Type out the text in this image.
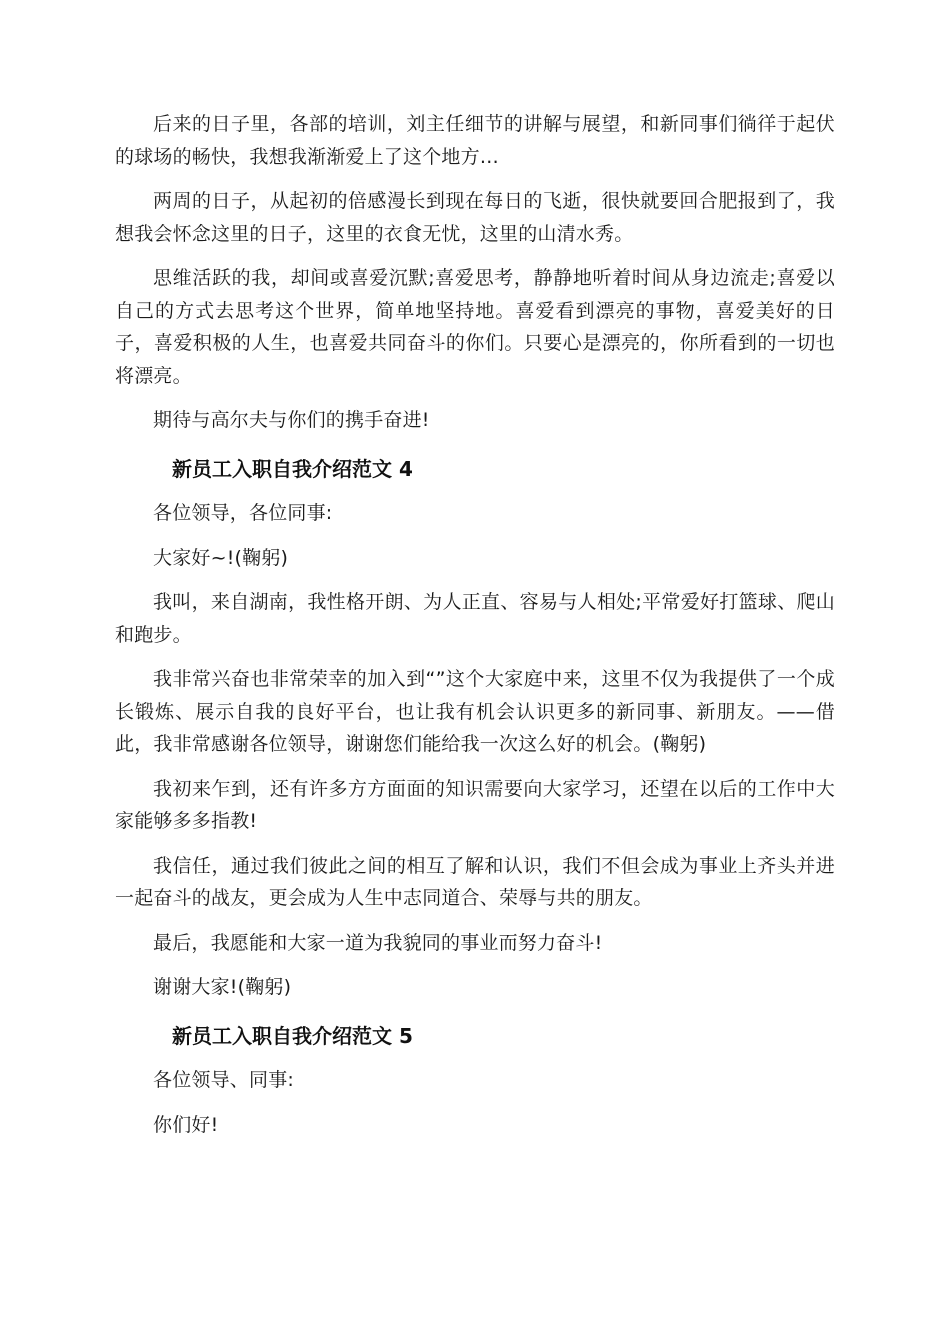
后来的日子里，各部的培训，刘主任细节的讲解与展望，和新同事们徜徉于起伏的球场的畅快，我想我渐渐爱上了这个地方…

两周的日子，从起初的倍感漫长到现在每日的飞逝，很快就要回合肥报到了，我想我会怀念这里的日子，这里的衣食无忧，这里的山清水秀。

思维活跃的我，却间或喜爱沉默;喜爱思考，静静地听着时间从身边流走;喜爱以自己的方式去思考这个世界，简单地坚持地。喜爱看到漂亮的事物，喜爱美好的日子，喜爱积极的人生，也喜爱共同奋斗的你们。只要心是漂亮的，你所看到的一切也将漂亮。

期待与高尔夫与你们的携手奋进!

新员工入职自我介绍范文 4

各位领导，各位同事:

大家好~!(鞠躬)

我叫，来自湖南，我性格开朗、为人正直、容易与人相处;平常爱好打篮球、爬山和跑步。

我非常兴奋也非常荣幸的加入到“”这个大家庭中来，这里不仅为我提供了一个成长锻炼、展示自我的良好平台，也让我有机会认识更多的新同事、新朋友。——借此，我非常感谢各位领导，谢谢您们能给我一次这么好的机会。(鞠躬)

我初来乍到，还有许多方方面面的知识需要向大家学习，还望在以后的工作中大家能够多多指教!

我信任，通过我们彼此之间的相互了解和认识，我们不但会成为事业上齐头并进一起奋斗的战友，更会成为人生中志同道合、荣辱与共的朋友。

最后，我愿能和大家一道为我貌同的事业而努力奋斗!

谢谢大家!(鞠躬)

新员工入职自我介绍范文 5

各位领导、同事:

你们好!
